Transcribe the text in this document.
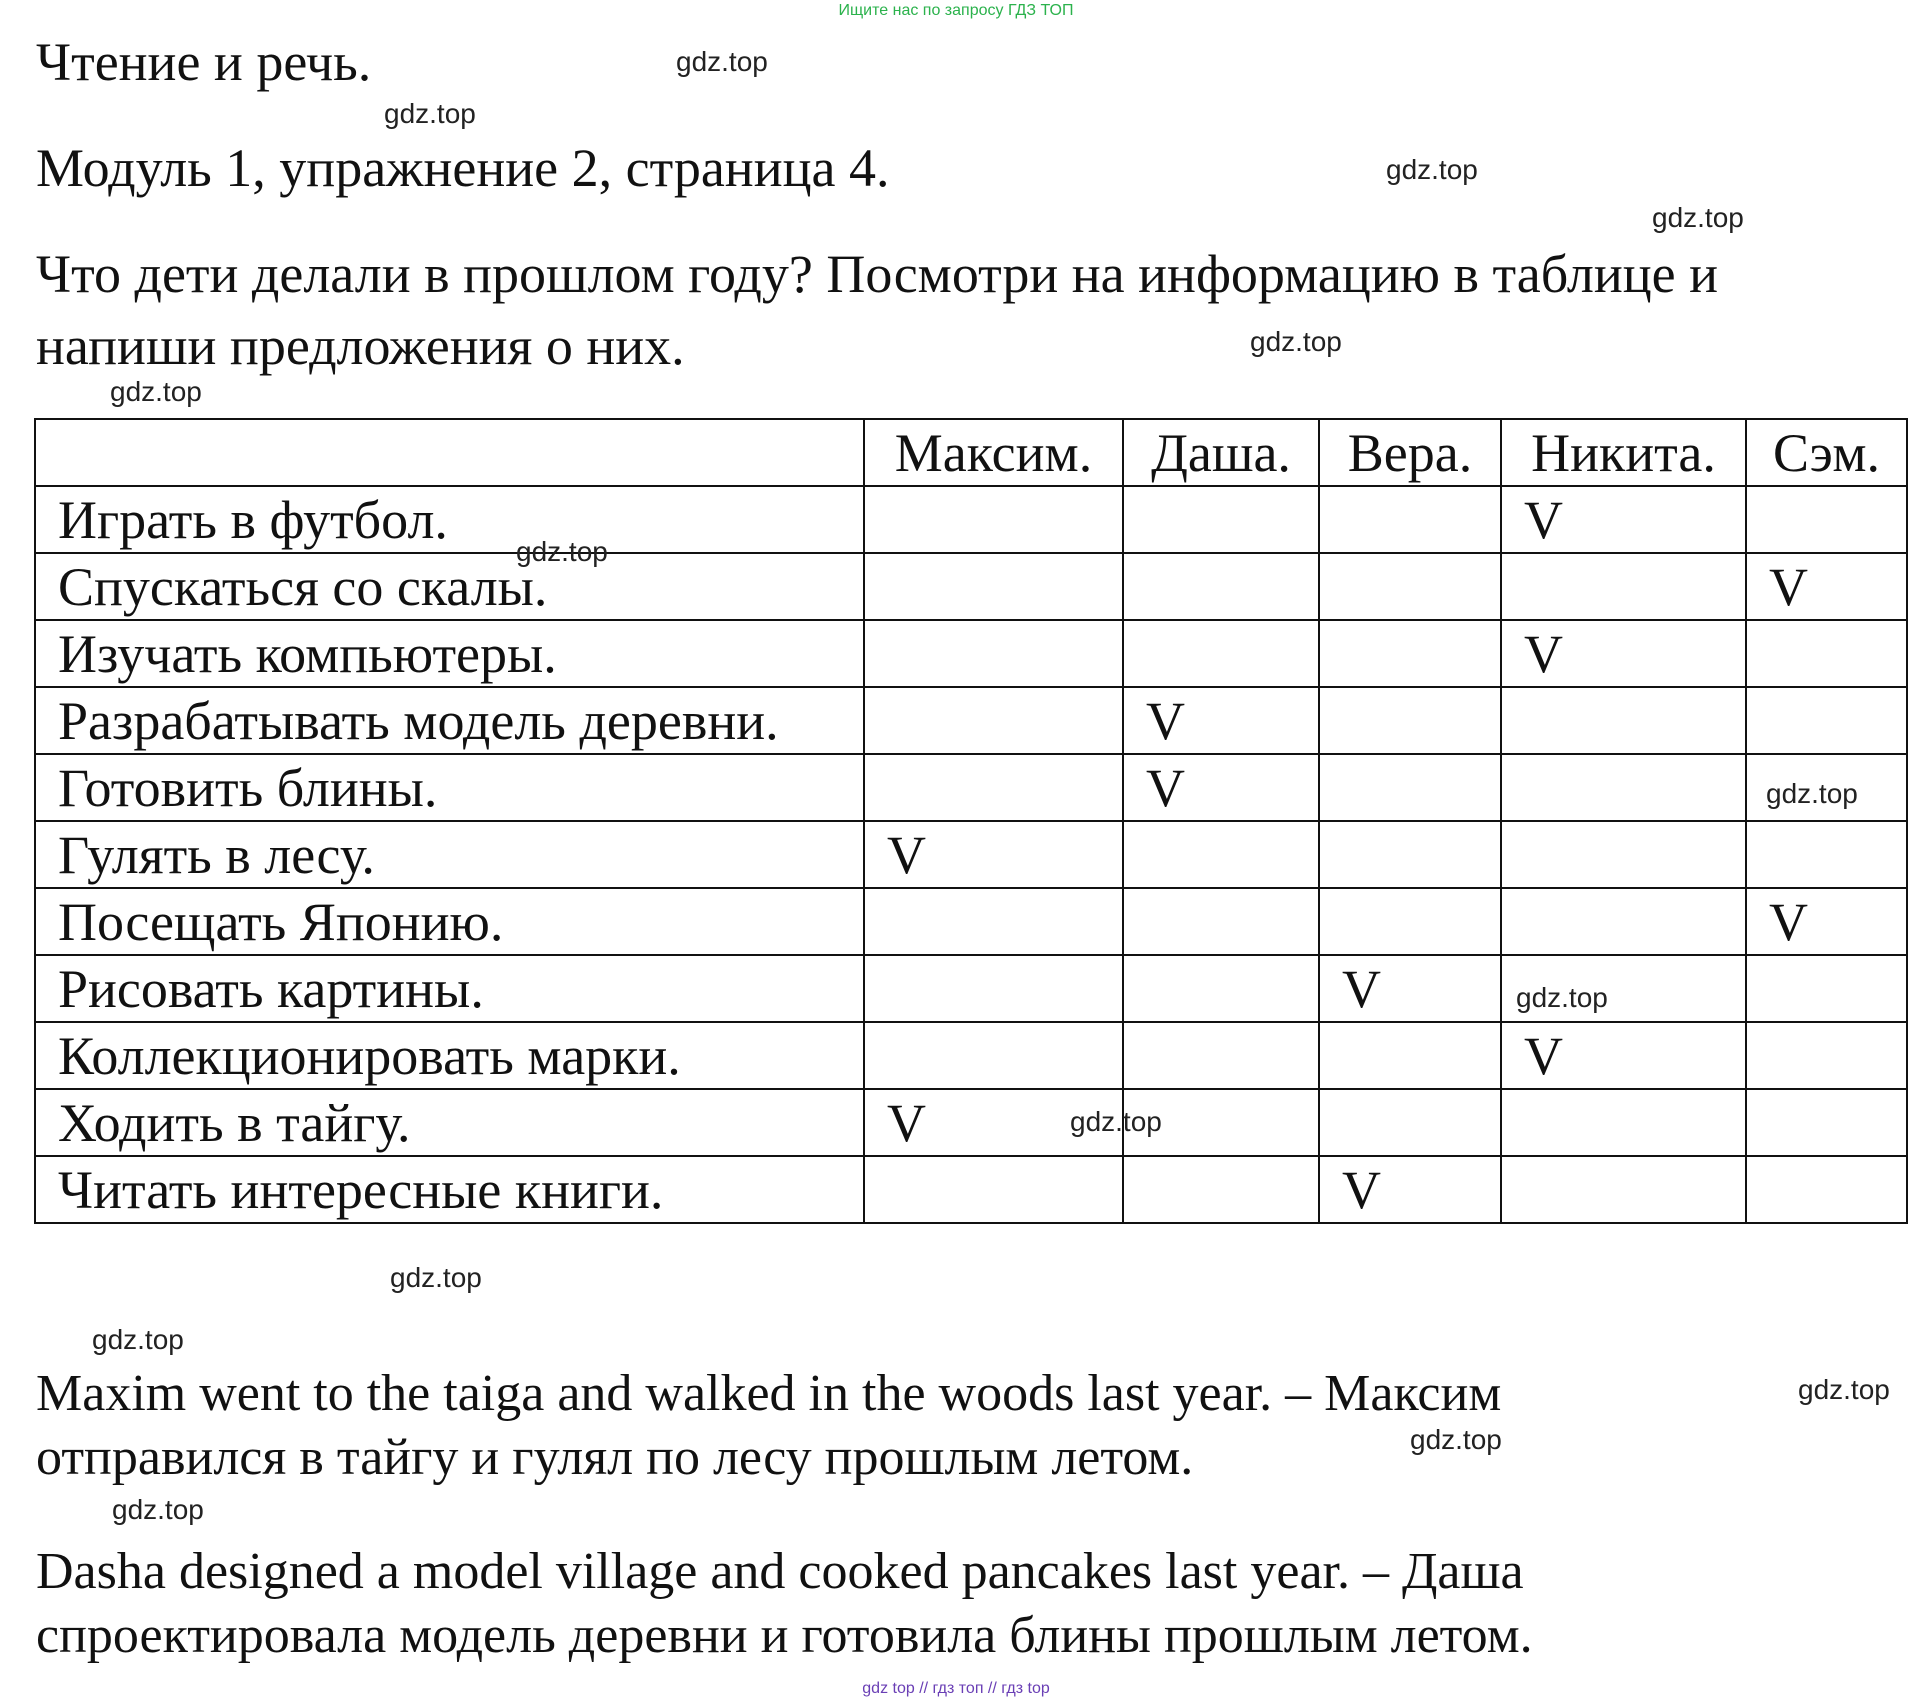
Ищите нас по запросу ГДЗ ТОП
Чтение и речь.
Модуль 1, упражнение 2, страница 4.
Что дети делали в прошлом году? Посмотри на информацию в таблице и
напиши предложения о них.
	Максим.	Даша.	Вера.	Никита.	Сэм.
Играть в футбол.				V	
Спускаться со скалы.					V
Изучать компьютеры.				V	
Разрабатывать модель деревни.		V			
Готовить блины.		V			
Гулять в лесу.	V				
Посещать Японию.					V
Рисовать картины.			V		
Коллекционировать марки.				V	
Ходить в тайгу.	V				
Читать интересные книги.			V		
Maxim went to the taiga and walked in the woods last year. – Максим
отправился в тайгу и гулял по лесу прошлым летом.
Dasha designed a model village and cooked pancakes last year. – Даша
спроектировала модель деревни и готовила блины прошлым летом.
gdz.top
gdz.top
gdz.top
gdz.top
gdz.top
gdz.top
gdz.top
gdz.top
gdz.top
gdz.top
gdz.top
gdz.top
gdz.top
gdz.top
gdz.top
gdz top // гдз топ // гдз top
